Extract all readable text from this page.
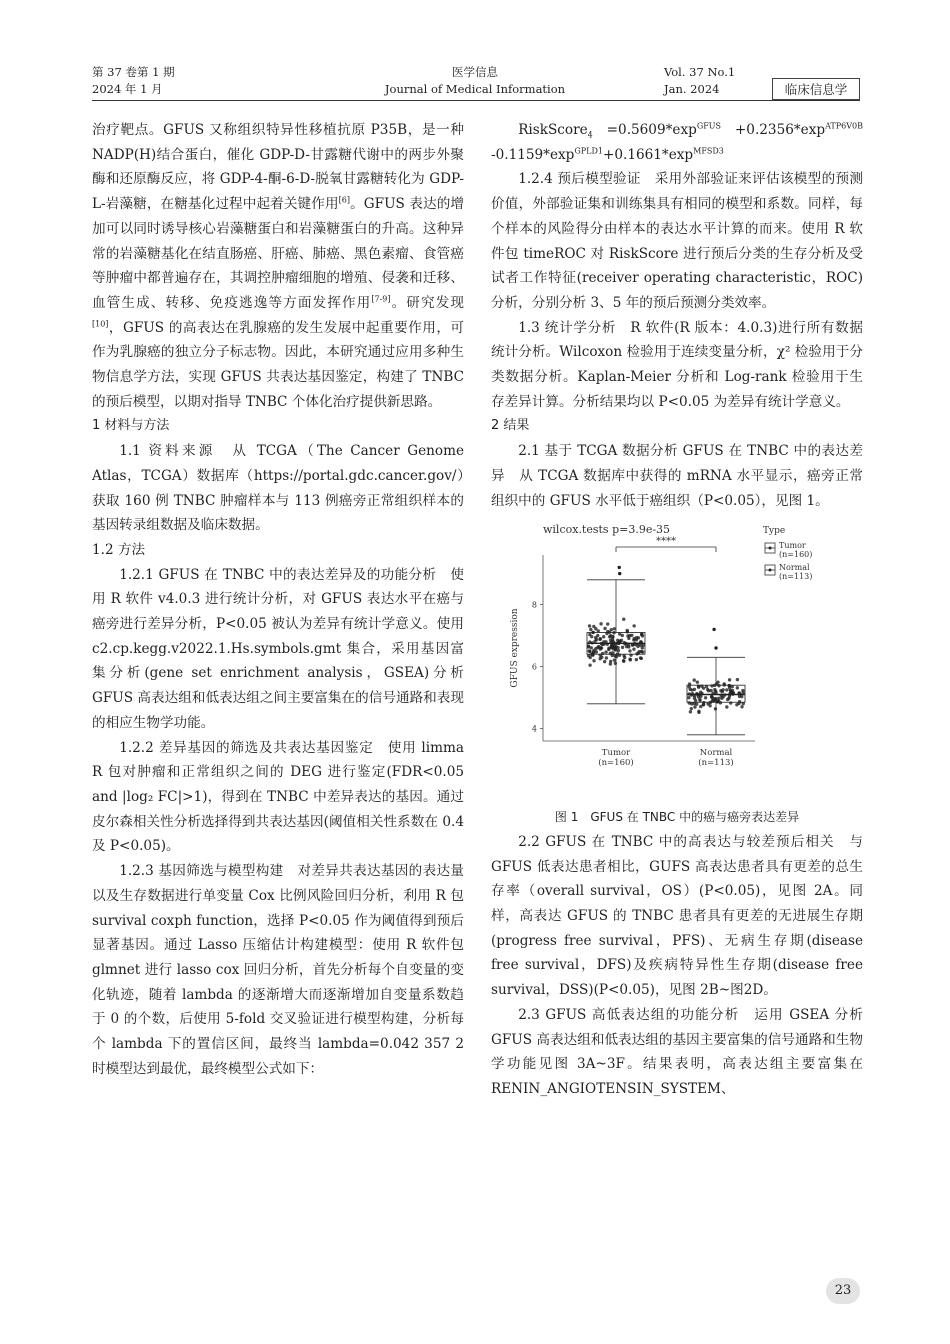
第 37 卷第 1 期
2024 年 1 月
医学信息
Journal of Medical Information
Vol. 37 No.1
Jan. 2024	临床信息学

治疗靶点。GFUS 又称组织特异性移植抗原 P35B，是一种 NADP(H)结合蛋白，催化 GDP-D-甘露糖代谢中的两步外聚酶和还原酶反应，将 GDP-4-酮-6-D-脱氧甘露糖转化为 GDP-L-岩藻糖，在糖基化过程中起着关键作用[6]。GFUS 表达的增加可以同时诱导核心岩藻糖蛋白和岩藻糖蛋白的升高。这种异常的岩藻糖基化在结直肠癌、肝癌、肺癌、黑色素瘤、食管癌等肿瘤中都普遍存在，其调控肿瘤细胞的增殖、侵袭和迁移、血管生成、转移、免疫逃逸等方面发挥作用[7-9]。研究发现[10]，GFUS 的高表达在乳腺癌的发生发展中起重要作用，可作为乳腺癌的独立分子标志物。因此，本研究通过应用多种生物信息学方法，实现 GFUS 共表达基因鉴定，构建了 TNBC 的预后模型，以期对指导 TNBC 个体化治疗提供新思路。

1 材料与方法

1.1 资料来源　从 TCGA（The Cancer Genome Atlas，TCGA）数据库（https://portal.gdc.cancer.gov/）获取 160 例 TNBC 肿瘤样本与 113 例癌旁正常组织样本的基因转录组数据及临床数据。

1.2 方法

1.2.1 GFUS 在 TNBC 中的表达差异及的功能分析　使用 R 软件 v4.0.3 进行统计分析，对 GFUS 表达水平在癌与癌旁进行差异分析，P<0.05 被认为差异有统计学意义。使用 c2.cp.kegg.v2022.1.Hs.symbols.gmt 集合，采用基因富集分析(gene set enrichment analysis，GSEA)分析 GFUS 高表达组和低表达组之间主要富集在的信号通路和表现的相应生物学功能。

1.2.2 差异基因的筛选及共表达基因鉴定　使用 limma R 包对肿瘤和正常组织之间的 DEG 进行鉴定(FDR<0.05 and |log₂ FC|>1)，得到在 TNBC 中差异表达的基因。通过皮尔森相关性分析选择得到共表达基因(阈值相关性系数在 0.4 及 P<0.05)。

1.2.3 基因筛选与模型构建　对差异共表达基因的表达量以及生存数据进行单变量 Cox 比例风险回归分析，利用 R 包 survival coxph function，选择 P<0.05 作为阈值得到预后显著基因。通过 Lasso 压缩估计构建模型：使用 R 软件包 glmnet 进行 lasso cox 回归分析，首先分析每个自变量的变化轨迹，随着 lambda 的逐渐增大而逐渐增加自变量系数趋于 0 的个数，后使用 5-fold 交叉验证进行模型构建，分析每个 lambda 下的置信区间，最终当 lambda=0.042 357 2 时模型达到最优，最终模型公式如下：

RiskScore$_4$ $=0.5609*\exp^{GFUS} +0.2356*\exp^{ATP6V0B}$ $-0.1159*\exp^{GPLD1}+0.1661*\exp^{MFSD3}$

1.2.4 预后模型验证　采用外部验证来评估该模型的预测价值，外部验证集和训练集具有相同的模型和系数。同样，每个样本的风险得分由样本的表达水平计算的而来。使用 R 软件包 timeROC 对 RiskScore 进行预后分类的生存分析及受试者工作特征(receiver operating characteristic，ROC)分析，分别分析 3、5 年的预后预测分类效率。

1.3 统计学分析　R 软件(R 版本：4.0.3)进行所有数据统计分析。Wilcoxon 检验用于连续变量分析，χ² 检验用于分类数据分析。Kaplan-Meier 分析和 Log-rank 检验用于生存差异计算。分析结果均以 P<0.05 为差异有统计学意义。

2 结果

2.1 基于 TCGA 数据分析 GFUS 在 TNBC 中的表达差异　从 TCGA 数据库中获得的 mRNA 水平显示，癌旁正常组织中的 GFUS 水平低于癌组织（P<0.05），见图 1。

wilcox.tests p=3.9e-35
****
4
6
8
GFUS expression
Tumor
(n=160)
Normal
(n=113)
Type
Tumor
(n=160)
Normal
(n=113)

图 1　GFUS 在 TNBC 中的癌与癌旁表达差异

2.2 GFUS 在 TNBC 中的高表达与较差预后相关　与 GFUS 低表达患者相比，GUFS 高表达患者具有更差的总生存率（overall survival，OS）(P<0.05)，见图 2A。同样，高表达 GFUS 的 TNBC 患者具有更差的无进展生存期(progress free survival，PFS)、无病生存期(disease free survival，DFS)及疾病特异性生存期(disease free survival，DSS)(P<0.05)，见图 2B~图2D。

2.3 GFUS 高低表达组的功能分析　运用 GSEA 分析 GFUS 高表达组和低表达组的基因主要富集的信号通路和生物学功能见图 3A~3F。结果表明，高表达组主要富集在 RENIN_ANGIOTENSIN_SYSTEM、

23
